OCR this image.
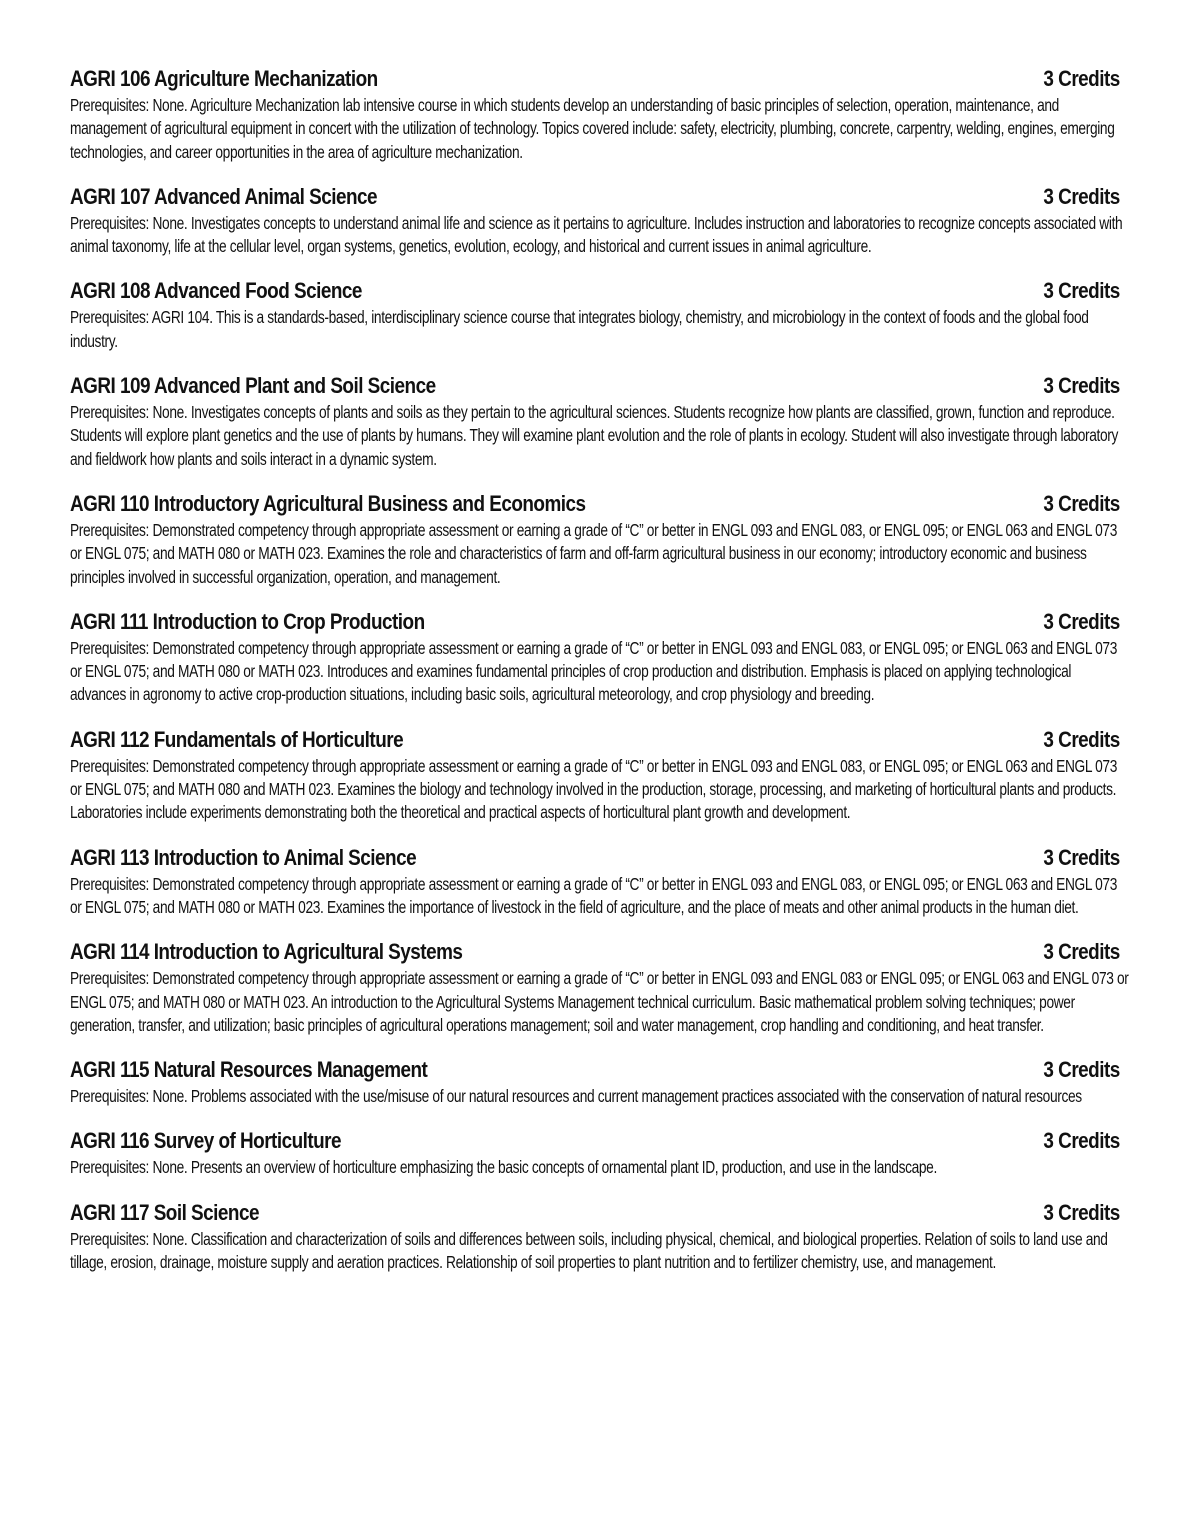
AGRI 106 Agriculture Mechanization	3 Credits
Prerequisites: None. Agriculture Mechanization lab intensive course in which students develop an understanding of basic principles of selection, operation, maintenance, and management of agricultural equipment in concert with the utilization of technology. Topics covered include: safety, electricity, plumbing, concrete, carpentry, welding, engines, emerging technologies, and career opportunities in the area of agriculture mechanization.
AGRI 107 Advanced Animal Science	3 Credits
Prerequisites: None. Investigates concepts to understand animal life and science as it pertains to agriculture. Includes instruction and laboratories to recognize concepts associated with animal taxonomy, life at the cellular level, organ systems, genetics, evolution, ecology, and historical and current issues in animal agriculture.
AGRI 108 Advanced Food Science	3 Credits
Prerequisites: AGRI 104. This is a standards-based, interdisciplinary science course that integrates biology, chemistry, and microbiology in the context of foods and the global food industry.
AGRI 109 Advanced Plant and Soil Science	3 Credits
Prerequisites: None. Investigates concepts of plants and soils as they pertain to the agricultural sciences. Students recognize how plants are classified, grown, function and reproduce. Students will explore plant genetics and the use of plants by humans. They will examine plant evolution and the role of plants in ecology. Student will also investigate through laboratory and fieldwork how plants and soils interact in a dynamic system.
AGRI 110 Introductory Agricultural Business and Economics	3 Credits
Prerequisites: Demonstrated competency through appropriate assessment or earning a grade of “C” or better in ENGL 093 and ENGL 083, or ENGL 095; or ENGL 063 and ENGL 073 or ENGL 075; and MATH 080 or MATH 023. Examines the role and characteristics of farm and off-farm agricultural business in our economy; introductory economic and business principles involved in successful organization, operation, and management.
AGRI 111 Introduction to Crop Production	3 Credits
Prerequisites: Demonstrated competency through appropriate assessment or earning a grade of “C” or better in ENGL 093 and ENGL 083, or ENGL 095; or ENGL 063 and ENGL 073 or ENGL 075; and MATH 080 or MATH 023. Introduces and examines fundamental principles of crop production and distribution. Emphasis is placed on applying technological advances in agronomy to active crop-production situations, including basic soils, agricultural meteorology, and crop physiology and breeding.
AGRI 112 Fundamentals of Horticulture	3 Credits
Prerequisites: Demonstrated competency through appropriate assessment or earning a grade of “C” or better in ENGL 093 and ENGL 083, or ENGL 095; or ENGL 063 and ENGL 073 or ENGL 075; and MATH 080 and MATH 023. Examines the biology and technology involved in the production, storage, processing, and marketing of horticultural plants and products. Laboratories include experiments demonstrating both the theoretical and practical aspects of horticultural plant growth and development.
AGRI 113 Introduction to Animal Science	3 Credits
Prerequisites: Demonstrated competency through appropriate assessment or earning a grade of “C” or better in ENGL 093 and ENGL 083, or ENGL 095; or ENGL 063 and ENGL 073 or ENGL 075; and MATH 080 or MATH 023. Examines the importance of livestock in the field of agriculture, and the place of meats and other animal products in the human diet.
AGRI 114 Introduction to Agricultural Systems	3 Credits
Prerequisites: Demonstrated competency through appropriate assessment or earning a grade of “C” or better in ENGL 093 and ENGL 083 or ENGL 095; or ENGL 063 and ENGL 073 or ENGL 075; and MATH 080 or MATH 023. An introduction to the Agricultural Systems Management technical curriculum. Basic mathematical problem solving techniques; power generation, transfer, and utilization; basic principles of agricultural operations management; soil and water management, crop handling and conditioning, and heat transfer.
AGRI 115 Natural Resources Management	3 Credits
Prerequisites: None. Problems associated with the use/misuse of our natural resources and current management practices associated with the conservation of natural resources
AGRI 116 Survey of Horticulture	3 Credits
Prerequisites: None. Presents an overview of horticulture emphasizing the basic concepts of ornamental plant ID, production, and use in the landscape.
AGRI 117 Soil Science	3 Credits
Prerequisites: None. Classification and characterization of soils and differences between soils, including physical, chemical, and biological properties. Relation of soils to land use and tillage, erosion, drainage, moisture supply and aeration practices. Relationship of soil properties to plant nutrition and to fertilizer chemistry, use, and management.
